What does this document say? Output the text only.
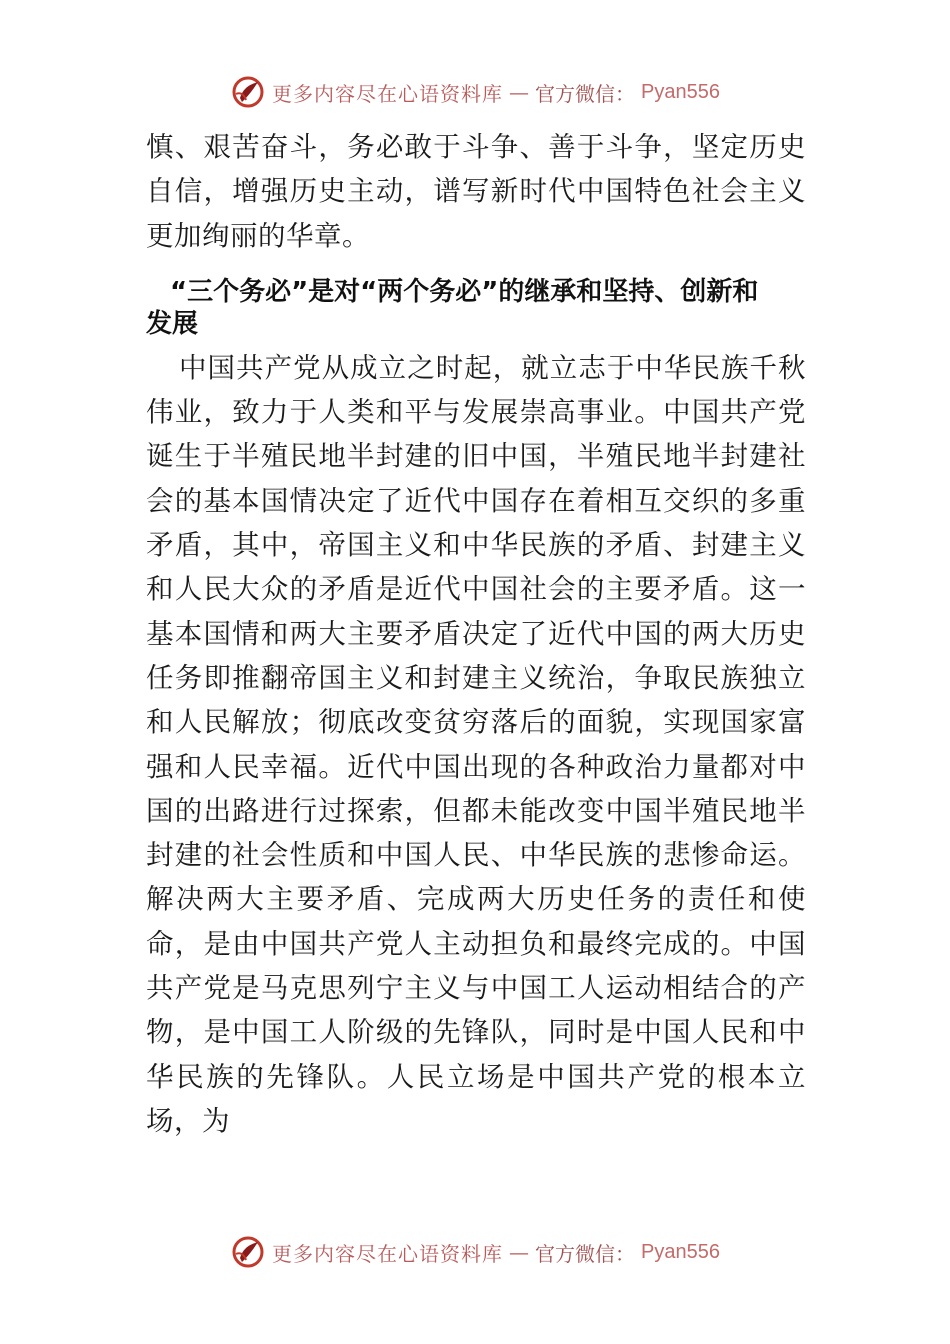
更多内容尽在心语资料库 — 官方微信： Pyan556

慎、艰苦奋斗，务必敢于斗争、善于斗争，坚定历史自信，增强历史主动，谱写新时代中国特色社会主义更加绚丽的华章。

“三个务必”是对“两个务必”的继承和坚持、创新和
发展

中国共产党从成立之时起，就立志于中华民族千秋伟业，致力于人类和平与发展崇高事业。中国共产党诞生于半殖民地半封建的旧中国，半殖民地半封建社会的基本国情决定了近代中国存在着相互交织的多重矛盾，其中，帝国主义和中华民族的矛盾、封建主义和人民大众的矛盾是近代中国社会的主要矛盾。这一基本国情和两大主要矛盾决定了近代中国的两大历史任务即推翻帝国主义和封建主义统治，争取民族独立和人民解放；彻底改变贫穷落后的面貌，实现国家富强和人民幸福。近代中国出现的各种政治力量都对中国的出路进行过探索，但都未能改变中国半殖民地半封建的社会性质和中国人民、中华民族的悲惨命运。解决两大主要矛盾、完成两大历史任务的责任和使命，是由中国共产党人主动担负和最终完成的。中国共产党是马克思列宁主义与中国工人运动相结合的产物，是中国工人阶级的先锋队，同时是中国人民和中华民族的先锋队。人民立场是中国共产党的根本立场，为

更多内容尽在心语资料库 — 官方微信： Pyan556
